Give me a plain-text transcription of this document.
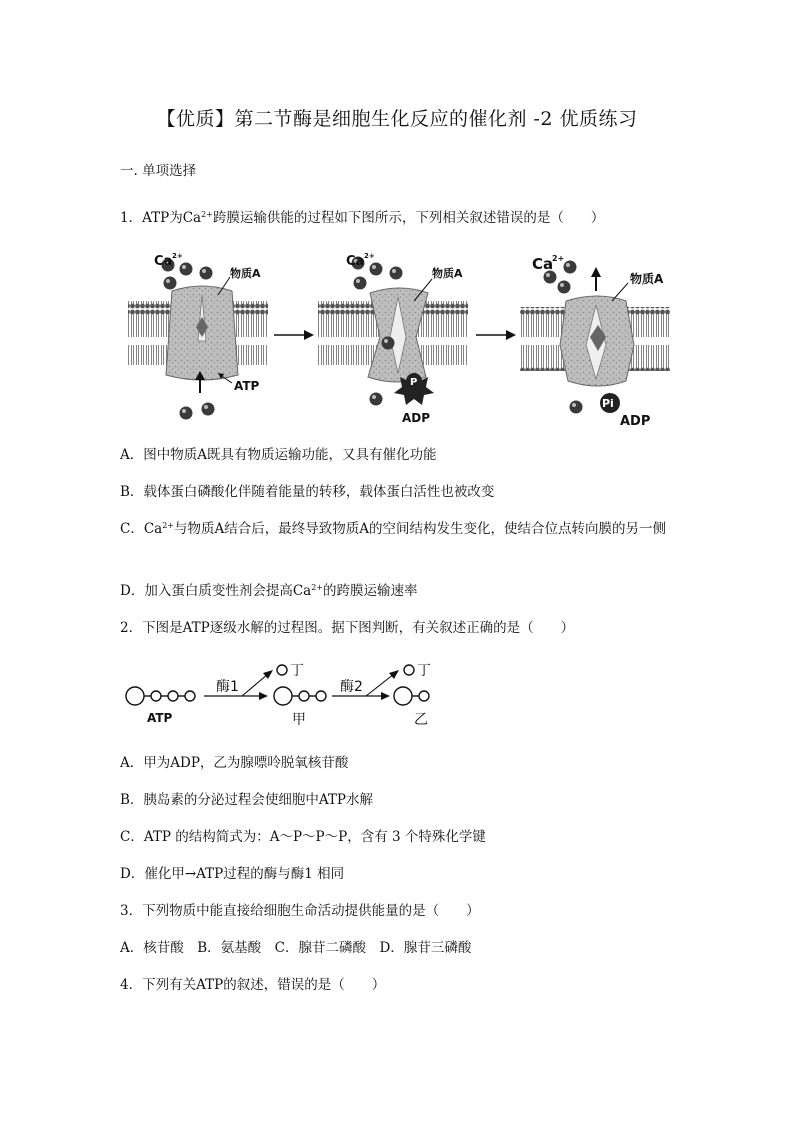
【优质】第二节酶是细胞生化反应的催化剂 -2 优质练习
一. 单项选择
1．ATP为$Ca^{2+}$跨膜运输供能的过程如下图所示，下列相关叙述错误的是（　　）
Ca 2+
物质A
ATP	P
ADP
Ca 2+
物质A
Pi
ADP
Ca
2+
物质A
A．图中物质A既具有物质运输功能，又具有催化功能
B．载体蛋白磷酸化伴随着能量的转移，载体蛋白活性也被改变
C．$Ca^{2+}$与物质A结合后，最终导致物质A的空间结构发生变化，使结合位点转向膜的另一侧
D．加入蛋白质变性剂会提高$Ca^{2+}$的跨膜运输速率
2．下图是ATP逐级水解的过程图。据下图判断，有关叙述正确的是（　　）
酶1	酶2
丁	丁
ATP	甲	乙
A．甲为ADP，乙为腺嘌呤脱氧核苷酸
B．胰岛素的分泌过程会使细胞中ATP水解
C．ATP 的结构简式为：A～P～P～P，含有 3 个特殊化学键
D．催化甲→ATP过程的酶与酶1 相同
3．下列物质中能直接给细胞生命活动提供能量的是（　　）
A．核苷酸　B．氨基酸　C．腺苷二磷酸　D．腺苷三磷酸
4．下列有关ATP的叙述，错误的是（　　）
